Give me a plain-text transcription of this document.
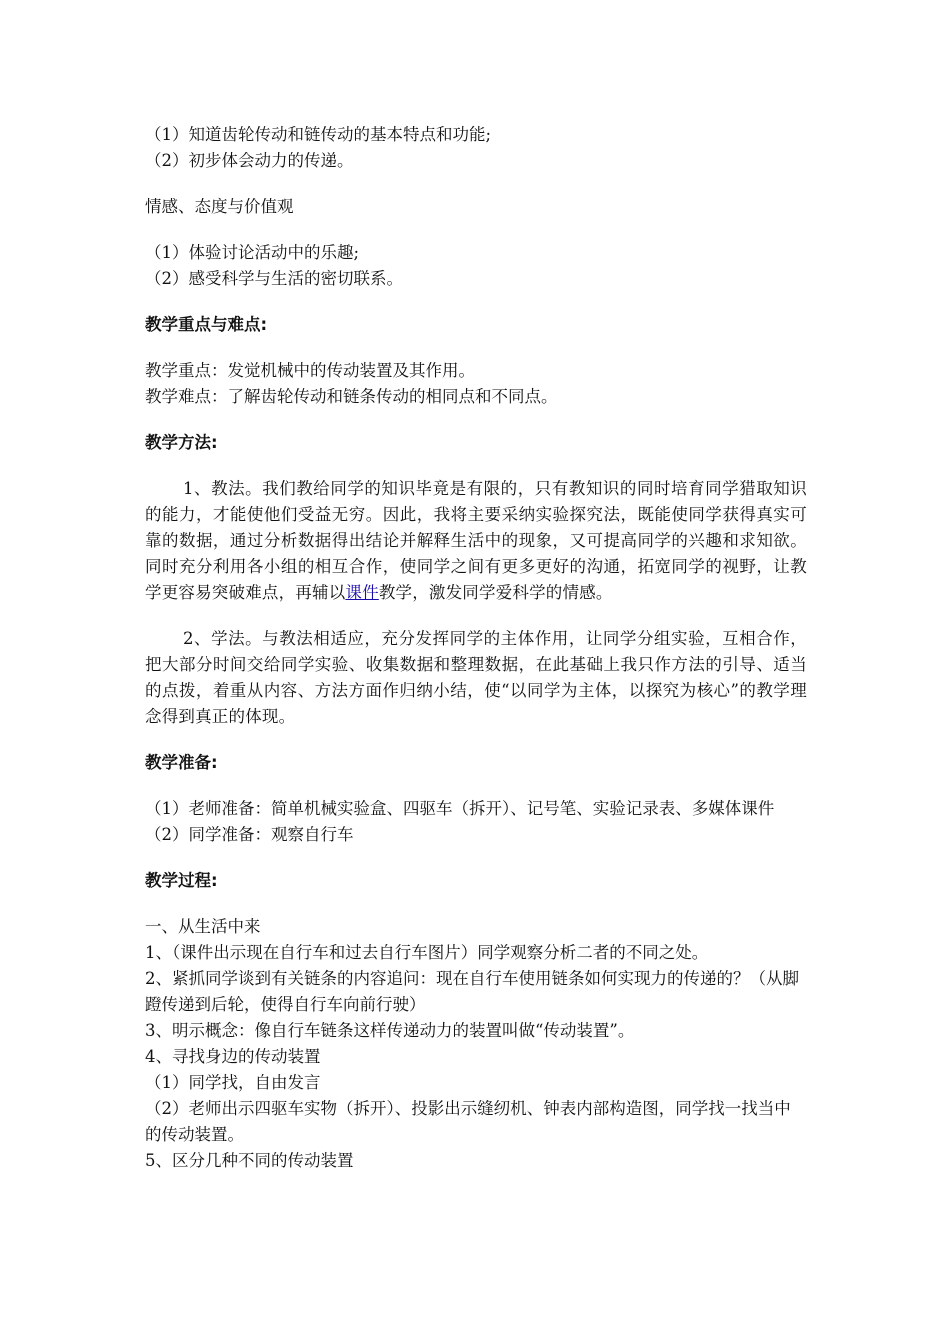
（1）知道齿轮传动和链传动的基本特点和功能;

（2）初步体会动力的传递。

情感、态度与价值观

（1）体验讨论活动中的乐趣;

（2）感受科学与生活的密切联系。

教学重点与难点:

教学重点：发觉机械中的传动装置及其作用。

教学难点：了解齿轮传动和链条传动的相同点和不同点。

教学方法:

1、教法。我们教给同学的知识毕竟是有限的，只有教知识的同时培育同学猎取知识的能力，才能使他们受益无穷。因此，我将主要采纳实验探究法，既能使同学获得真实可靠的数据，通过分析数据得出结论并解释生活中的现象，又可提高同学的兴趣和求知欲。同时充分利用各小组的相互合作，使同学之间有更多更好的沟通，拓宽同学的视野，让教学更容易突破难点，再辅以课件教学，激发同学爱科学的情感。

2、学法。与教法相适应，充分发挥同学的主体作用，让同学分组实验，互相合作，把大部分时间交给同学实验、收集数据和整理数据，在此基础上我只作方法的引导、适当的点拨，着重从内容、方法方面作归纳小结，使“以同学为主体，以探究为核心”的教学理念得到真正的体现。

教学准备:

（1）老师准备：简单机械实验盒、四驱车（拆开）、记号笔、实验记录表、多媒体课件

（2）同学准备：观察自行车

教学过程:

一、从生活中来

1、（课件出示现在自行车和过去自行车图片）同学观察分析二者的不同之处。

2、紧抓同学谈到有关链条的内容追问：现在自行车使用链条如何实现力的传递的？（从脚蹬传递到后轮，使得自行车向前行驶）

3、明示概念：像自行车链条这样传递动力的装置叫做“传动装置”。

4、寻找身边的传动装置

（1）同学找，自由发言

（2）老师出示四驱车实物（拆开）、投影出示缝纫机、钟表内部构造图，同学找一找当中的传动装置。

5、区分几种不同的传动装置
